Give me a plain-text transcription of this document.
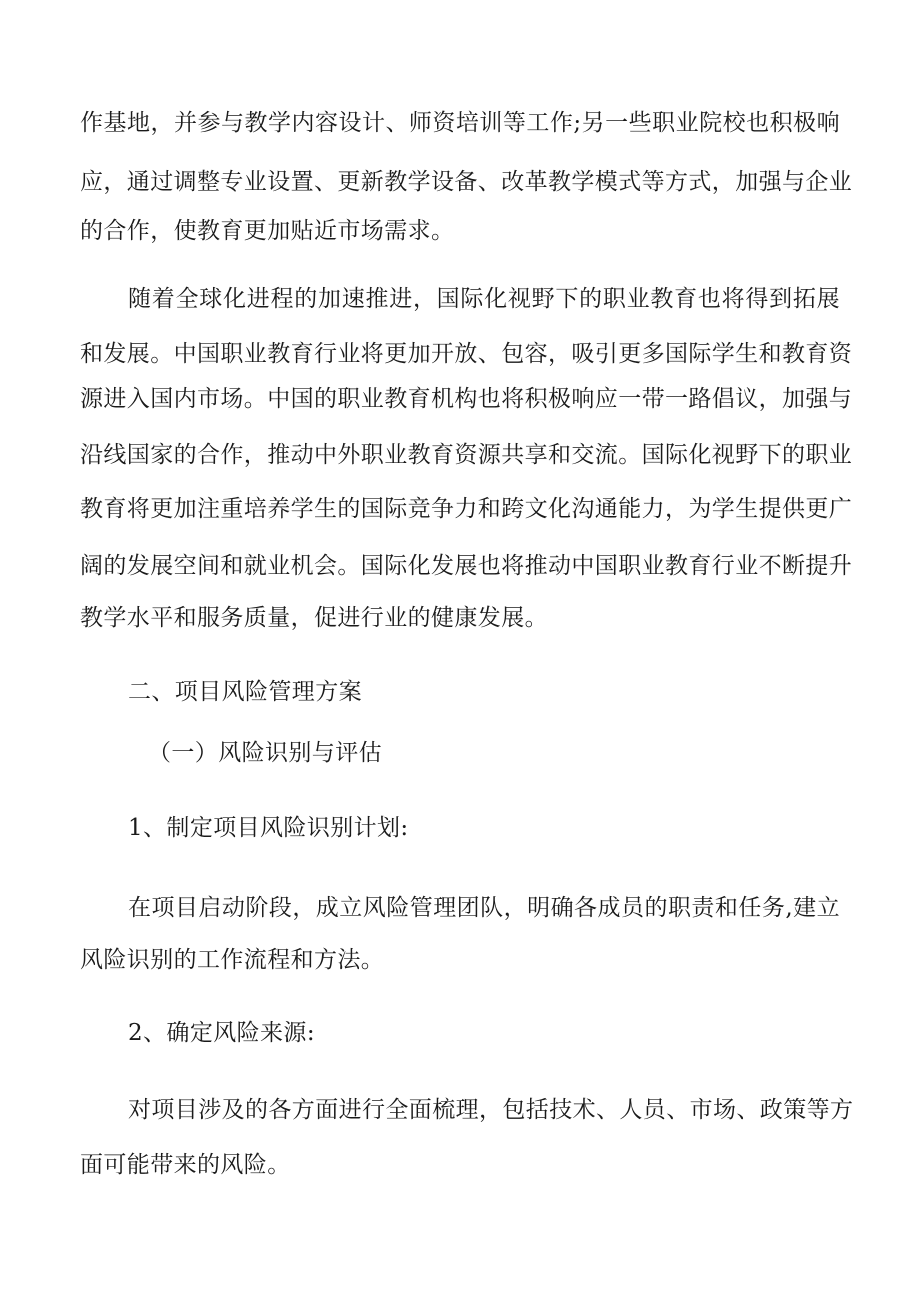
作基地，并参与教学内容设计、师资培训等工作;另一些职业院校也积极响
应，通过调整专业设置、更新教学设备、改革教学模式等方式，加强与企业
的合作，使教育更加贴近市场需求。
随着全球化进程的加速推进，国际化视野下的职业教育也将得到拓展
和发展。中国职业教育行业将更加开放、包容，吸引更多国际学生和教育资
源进入国内市场。中国的职业教育机构也将积极响应一带一路倡议，加强与
沿线国家的合作，推动中外职业教育资源共享和交流。国际化视野下的职业
教育将更加注重培养学生的国际竞争力和跨文化沟通能力，为学生提供更广
阔的发展空间和就业机会。国际化发展也将推动中国职业教育行业不断提升
教学水平和服务质量，促进行业的健康发展。
二、项目风险管理方案
（一）风险识别与评估
1、制定项目风险识别计划:
在项目启动阶段，成立风险管理团队，明确各成员的职责和任务,建立
风险识别的工作流程和方法。
2、确定风险来源:
对项目涉及的各方面进行全面梳理，包括技术、人员、市场、政策等方
面可能带来的风险。
